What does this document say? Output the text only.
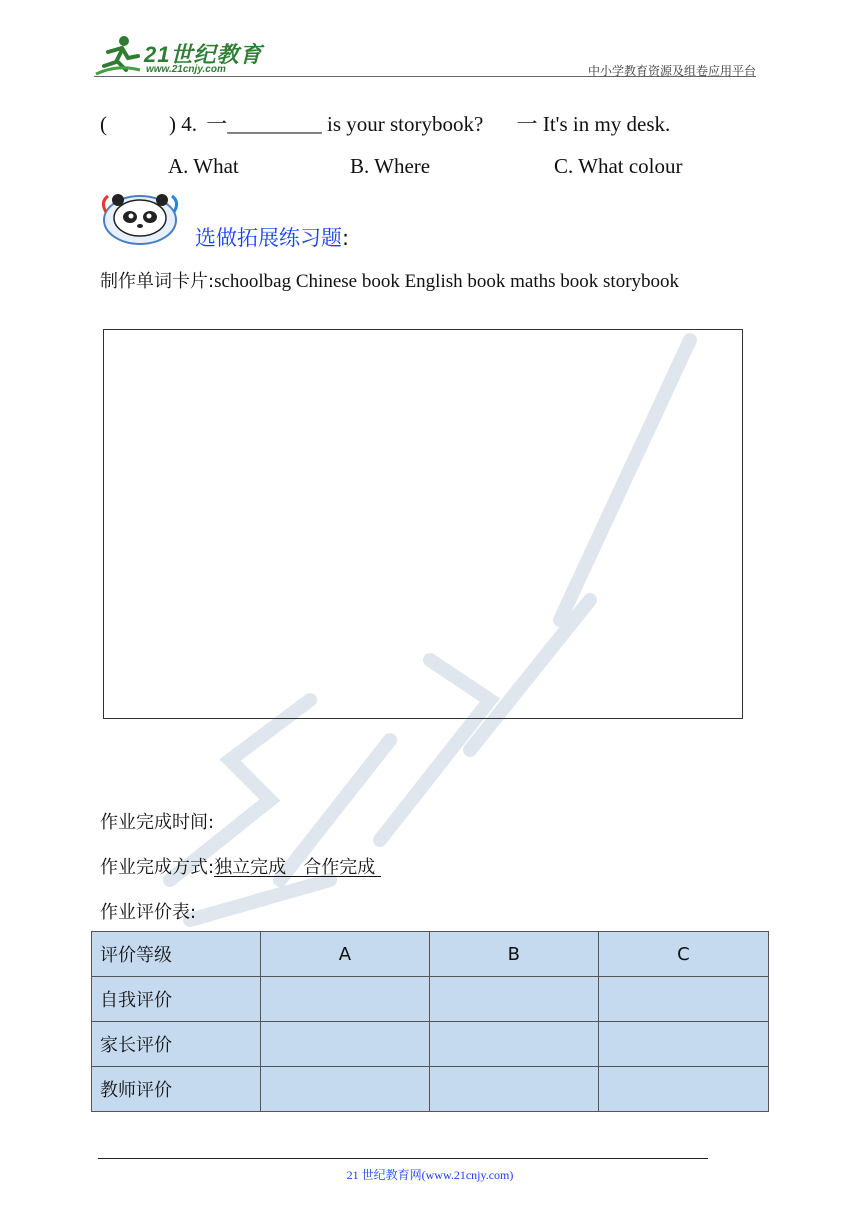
21世纪教育
www.21cnjy.com	中小学教育资源及组卷应用平台
(	) 4. 一_________ is your storybook? 一 It's in my desk.
A. What	B. Where	C. What colour
选做拓展练习题:
制作单词卡片:schoolbag Chinese book English book maths book storybook
作业完成时间:
作业完成方式:独立完成   合作完成
作业评价表:
评价等级	A	B	C
自我评价			
家长评价			
教师评价			
21 世纪教育网(www.21cnjy.com)
